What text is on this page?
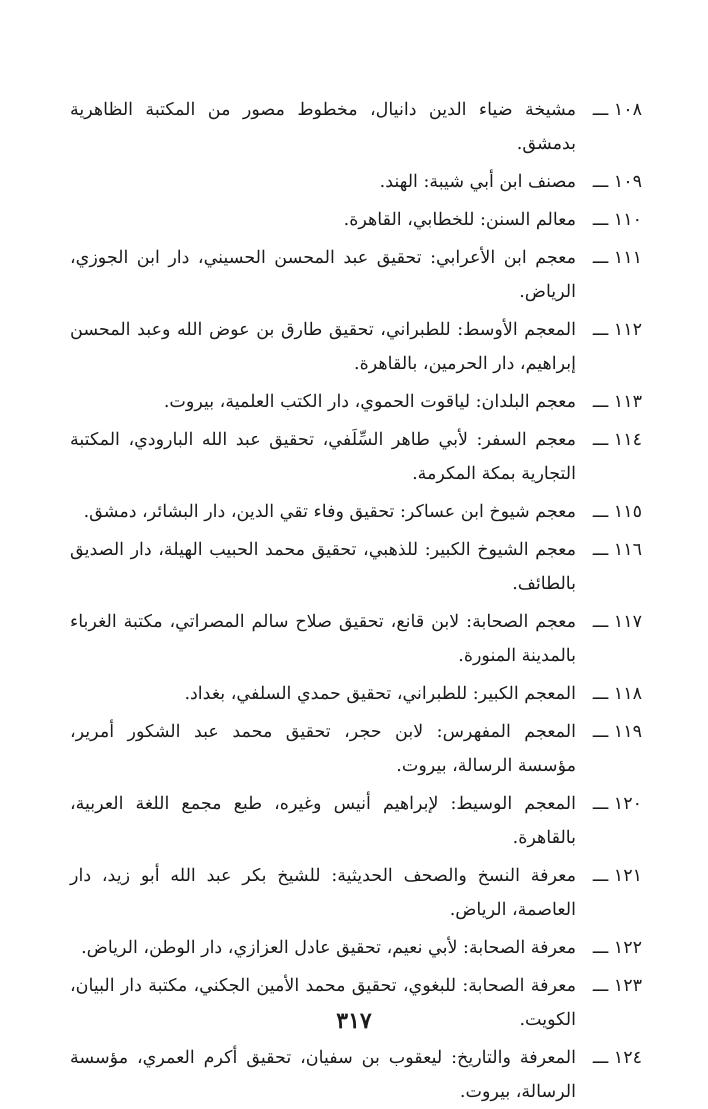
١٠٨ ـــ
مشيخة ضياء الدين دانيال، مخطوط مصور من المكتبة الظاهرية بدمشق.
١٠٩ ـــ
مصنف ابن أبي شيبة: الهند.
١١٠ ـــ
معالم السنن: للخطابي، القاهرة.
١١١ ـــ
معجم ابن الأعرابي: تحقيق عبد المحسن الحسيني، دار ابن الجوزي، الرياض.
١١٢ ـــ
المعجم الأوسط: للطبراني، تحقيق طارق بن عوض الله وعبد المحسن إبراهيم، دار الحرمين، بالقاهرة.
١١٣ ـــ
معجم البلدان: لياقوت الحموي، دار الكتب العلمية، بيروت.
١١٤ ـــ
معجم السفر: لأبي طاهر السِّلَفي، تحقيق عبد الله البارودي، المكتبة التجارية بمكة المكرمة.
١١٥ ـــ
معجم شيوخ ابن عساكر: تحقيق وفاء تقي الدين، دار البشائر، دمشق.
١١٦ ـــ
معجم الشيوخ الكبير: للذهبي، تحقيق محمد الحبيب الهيلة، دار الصديق بالطائف.
١١٧ ـــ
معجم الصحابة: لابن قانع، تحقيق صلاح سالم المصراتي، مكتبة الغرباء بالمدينة المنورة.
١١٨ ـــ
المعجم الكبير: للطبراني، تحقيق حمدي السلفي، بغداد.
١١٩ ـــ
المعجم المفهرس: لابن حجر، تحقيق محمد عبد الشكور أمرير، مؤسسة الرسالة، بيروت.
١٢٠ ـــ
المعجم الوسيط: لإبراهيم أنيس وغيره، طبع مجمع اللغة العربية، بالقاهرة.
١٢١ ـــ
معرفة النسخ والصحف الحديثية: للشيخ بكر عبد الله أبو زيد، دار العاصمة، الرياض.
١٢٢ ـــ
معرفة الصحابة: لأبي نعيم، تحقيق عادل العزازي، دار الوطن، الرياض.
١٢٣ ـــ
معرفة الصحابة: للبغوي، تحقيق محمد الأمين الجكني، مكتبة دار البيان، الكويت.
١٢٤ ـــ
المعرفة والتاريخ: ليعقوب بن سفيان، تحقيق أكرم العمري، مؤسسة الرسالة، بيروت.
٣١٧
